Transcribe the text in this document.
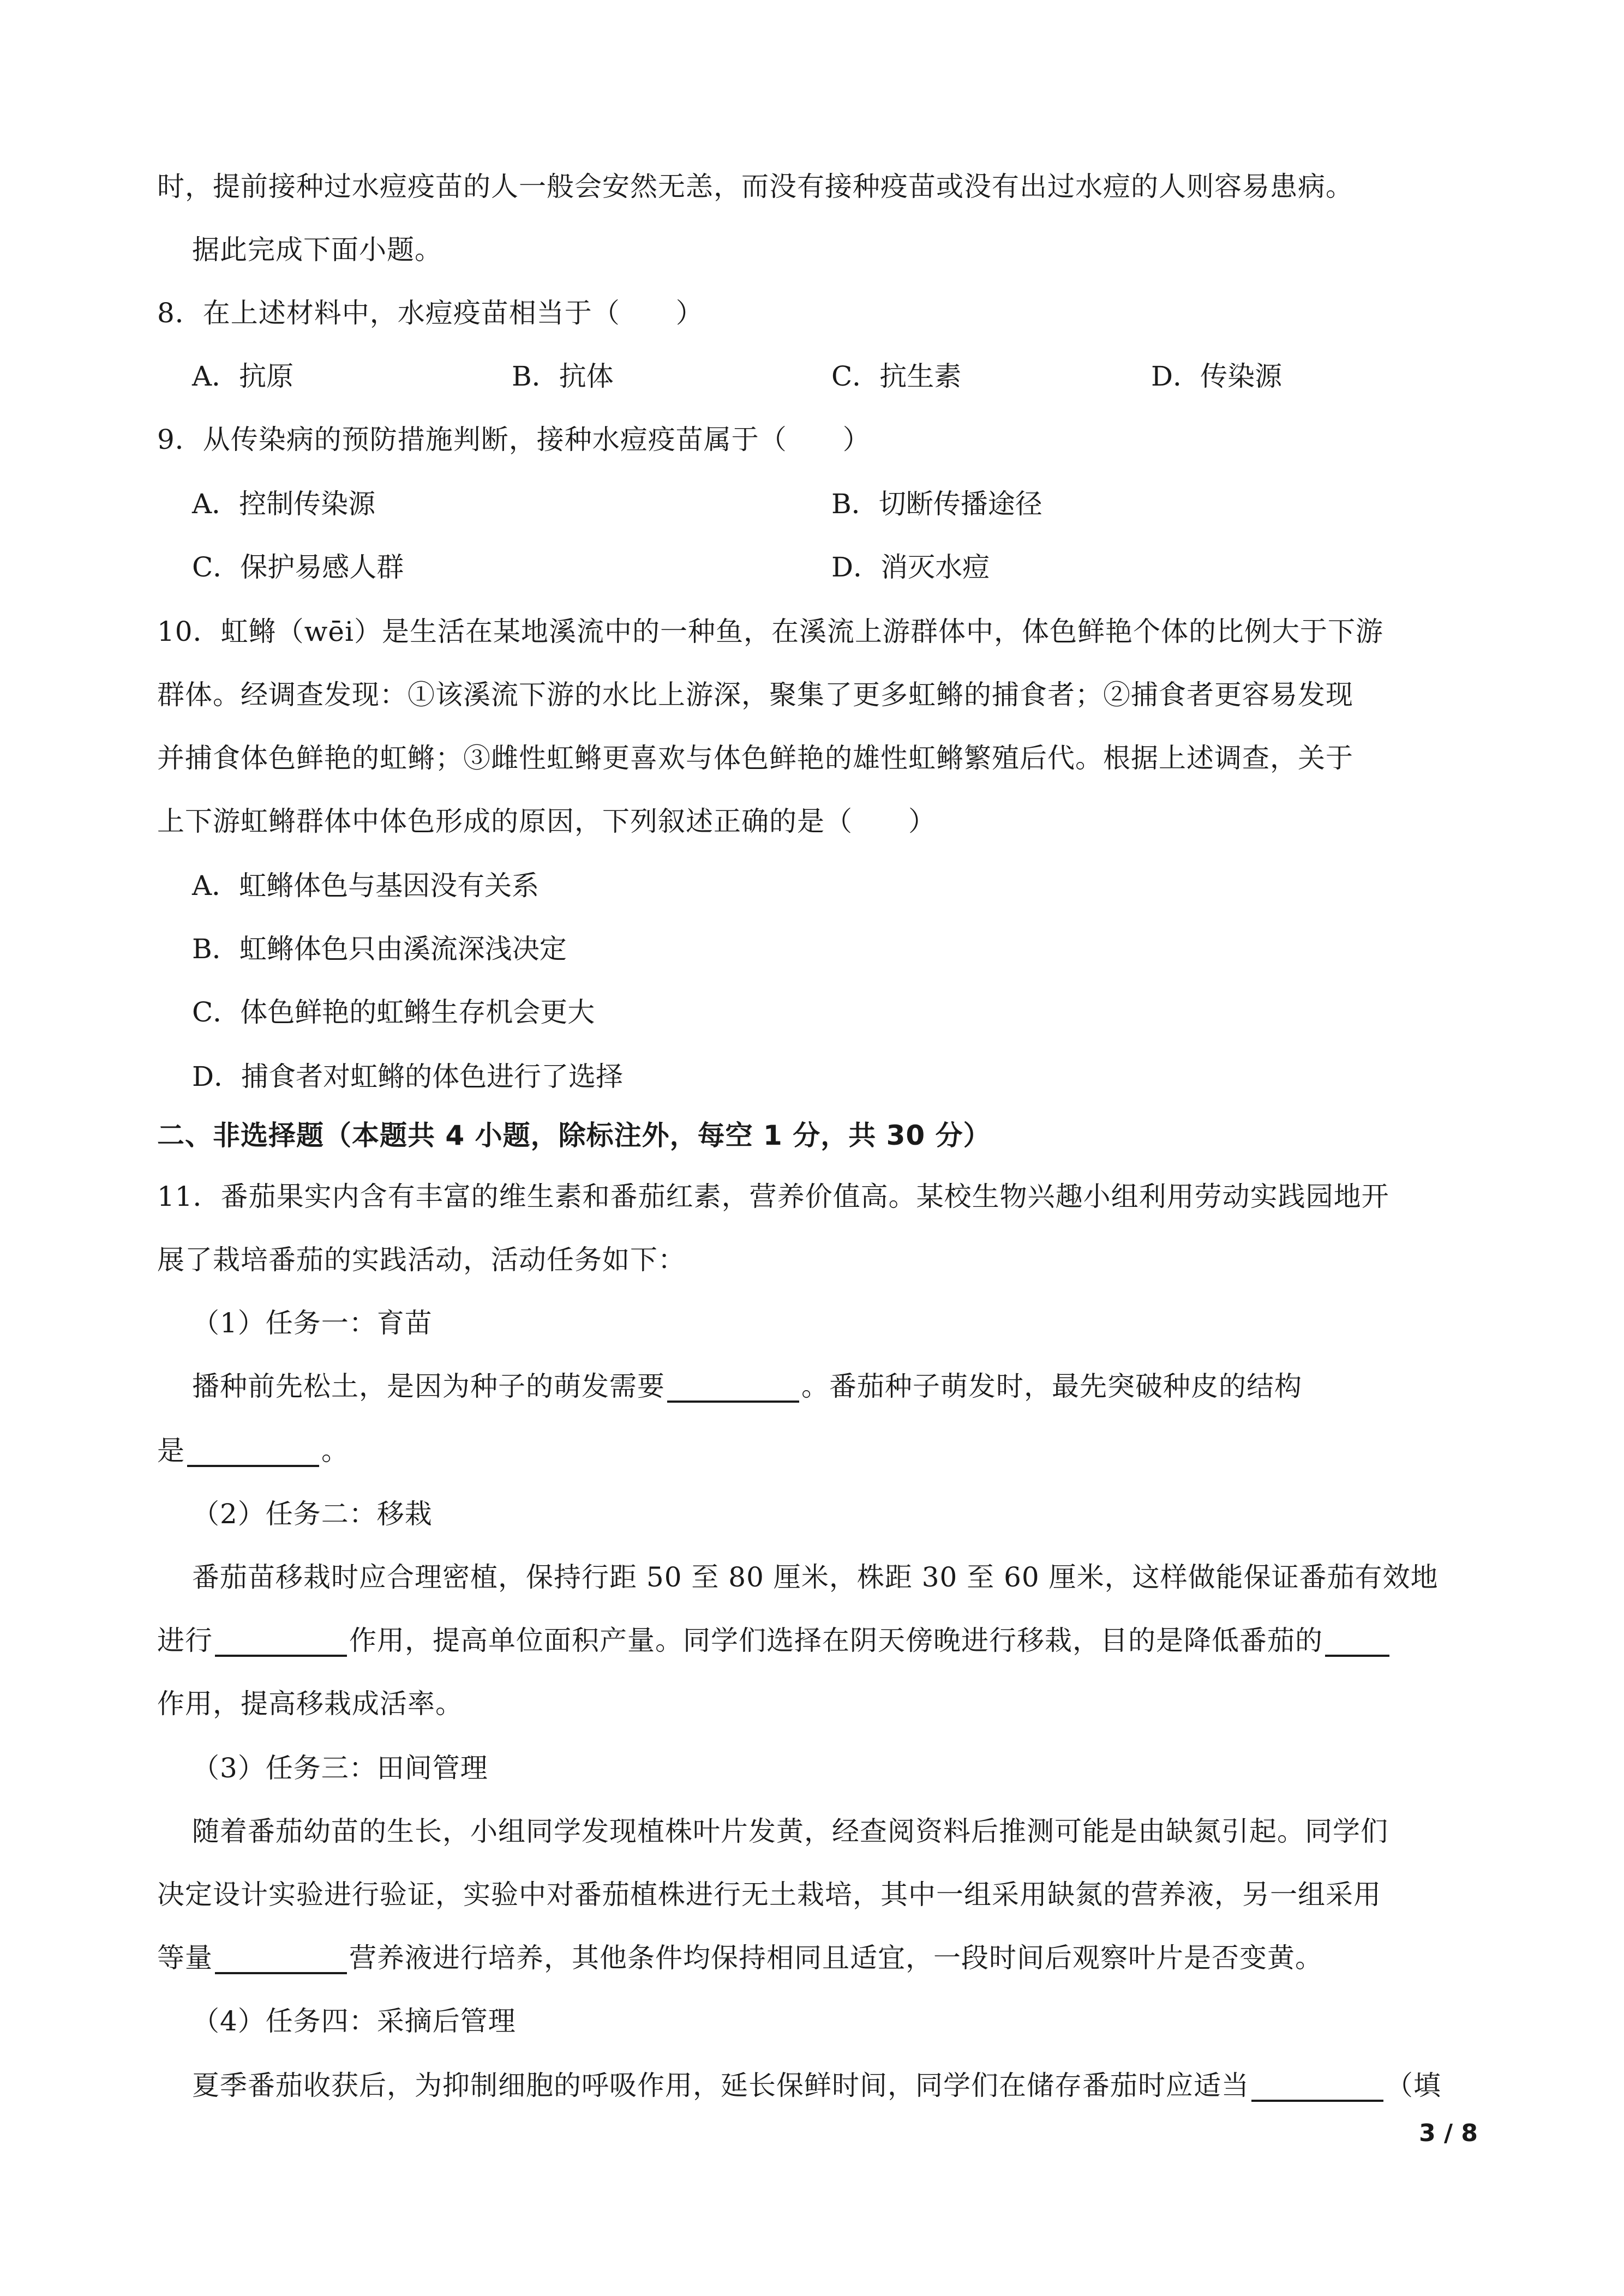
时，提前接种过水痘疫苗的人一般会安然无恙，而没有接种疫苗或没有出过水痘的人则容易患病。
据此完成下面小题。
8．在上述材料中，水痘疫苗相当于（　　）
A．抗原	B．抗体	C．抗生素	D．传染源
9．从传染病的预防措施判断，接种水痘疫苗属于（　　）
A．控制传染源	B．切断传播途径
C．保护易感人群	D．消灭水痘
10．虹鳉（wēi）是生活在某地溪流中的一种鱼，在溪流上游群体中，体色鲜艳个体的比例大于下游
群体。经调查发现：①该溪流下游的水比上游深，聚集了更多虹鳉的捕食者；②捕食者更容易发现
并捕食体色鲜艳的虹鳉；③雌性虹鳉更喜欢与体色鲜艳的雄性虹鳉繁殖后代。根据上述调查，关于
上下游虹鳉群体中体色形成的原因，下列叙述正确的是（　　）
A．虹鳉体色与基因没有关系
B．虹鳉体色只由溪流深浅决定
C．体色鲜艳的虹鳉生存机会更大
D．捕食者对虹鳉的体色进行了选择
二、非选择题（本题共 4 小题，除标注外，每空 1 分，共 30 分）
11．番茄果实内含有丰富的维生素和番茄红素，营养价值高。某校生物兴趣小组利用劳动实践园地开
展了栽培番茄的实践活动，活动任务如下：
（1）任务一：育苗
播种前先松土，是因为种子的萌发需要	。番茄种子萌发时，最先突破种皮的结构
是	。
（2）任务二：移栽
番茄苗移栽时应合理密植，保持行距 50 至 80 厘米，株距 30 至 60 厘米，这样做能保证番茄有效地
进行	作用，提高单位面积产量。同学们选择在阴天傍晚进行移栽，目的是降低番茄的
作用，提高移栽成活率。
（3）任务三：田间管理
随着番茄幼苗的生长，小组同学发现植株叶片发黄，经查阅资料后推测可能是由缺氮引起。同学们
决定设计实验进行验证，实验中对番茄植株进行无土栽培，其中一组采用缺氮的营养液，另一组采用
等量	营养液进行培养，其他条件均保持相同且适宜，一段时间后观察叶片是否变黄。
（4）任务四：采摘后管理
夏季番茄收获后，为抑制细胞的呼吸作用，延长保鲜时间，同学们在储存番茄时应适当	（填
3 / 8
